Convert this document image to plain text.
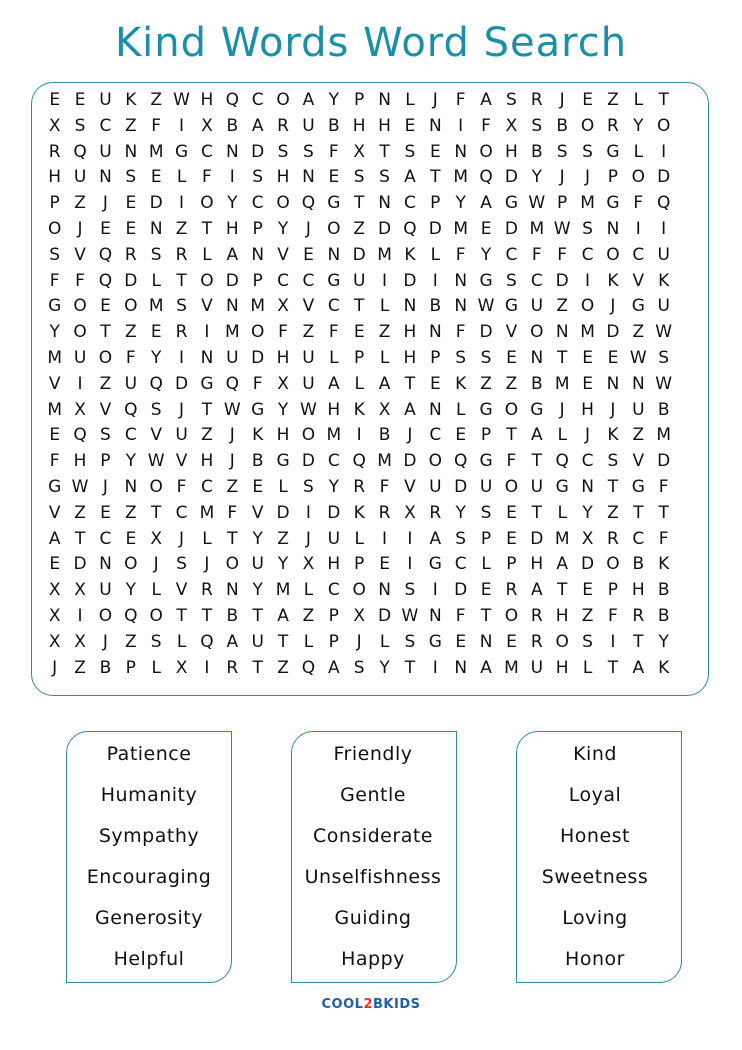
Kind Words Word Search
E E U K Z W H Q C O A Y P N L	J	F A S R J	E Z L T
X S C Z F	I	X B A R U B H H E N I	F X S B O R Y O
R Q U N M G C N D S S F X T S E N O H B S S G L	I
H U N S E L F	I	S H N E S S A T M Q D Y	J	J	P O D
P Z	J	E D I O Y C O Q G T N C P Y A G W P M G F Q
O J	E E N Z T H P Y	J O Z D Q D M E D M W S N I	I
S V Q R S R L A N V E N D M K L F Y C F F C O C U
F F Q D L T O D P C C G U I D I N G S C D I	K V K
G O E O M S V N M X V C T L N B N W G U Z O J G U
Y O T Z E R I M O F Z F E Z H N F D V O N M D Z W
M U O F Y	I N U D H U L P L H P S S E N T E E W S
V	I	Z U Q D G Q F X U A L A T E K Z Z B M E N N W
M X V Q S	J	T W G Y W H K X A N L G O G J H J U B
E Q S C V U Z	J	K H O M I	B	J C E P T A L	J	K Z M
F H P Y W V H J	B G D C Q M D O Q G F T Q C S V D
G W J N O F C Z E L S Y R F V U D U O U G N T G F
V Z E Z T C M F V D I D K R X R Y S E T L Y Z T T
A T C E X	J	L T Y Z	J U L	I	I	A S P E D M X R C F
E D N O J	S	J O U Y X H P E	I G C L P H A D O B K
X X U Y L V R N Y M L C O N S	I D E R A T E P H B
X	I O Q O T T B T A Z P X D W N F T O R H Z F R B
X X	J	Z S L Q A U T L P	J	L S G E N E R O S	I	T Y
J	Z B P L X	I R T Z Q A S Y T	I N A M U H L T A K
Patience
Humanity
Sympathy
Encouraging
Generosity
Helpful
Friendly
Gentle
Considerate
Unselfishness
Guiding
Happy
Kind
Loyal
Honest
Sweetness
Loving
Honor
COOL2BKIDS
